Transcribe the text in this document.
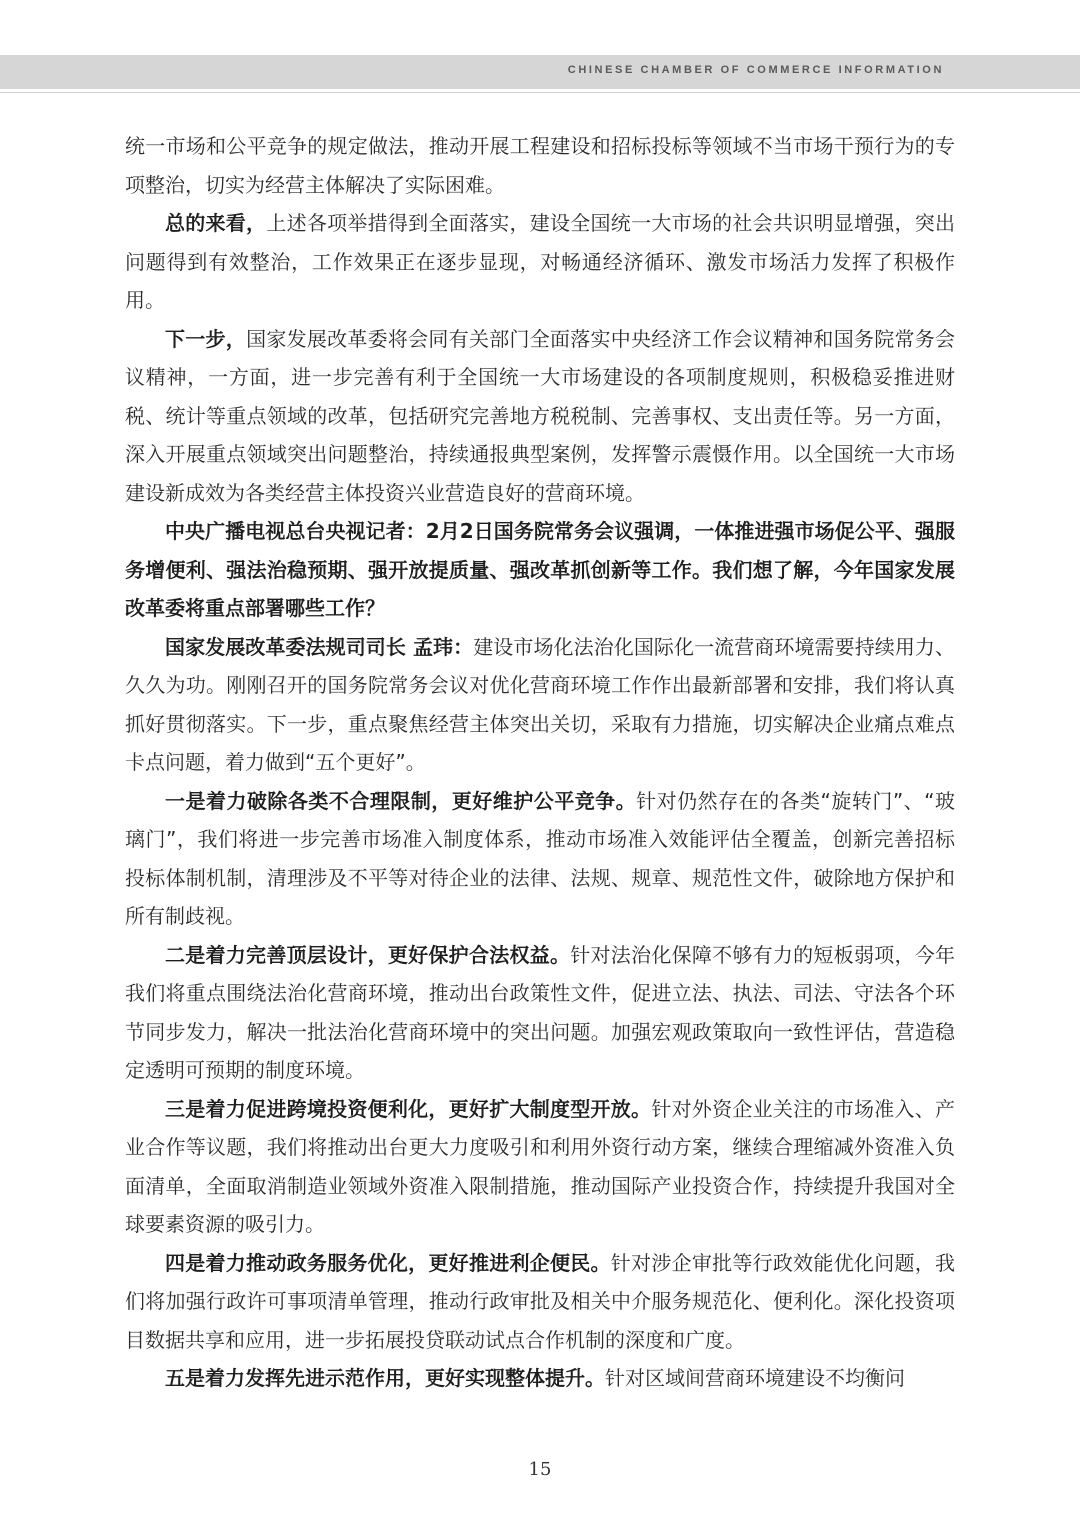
CHINESE CHAMBER OF COMMERCE INFORMATION

统一市场和公平竞争的规定做法，推动开展工程建设和招标投标等领域不当市场干预行为的专项整治，切实为经营主体解决了实际困难。

总的来看，上述各项举措得到全面落实，建设全国统一大市场的社会共识明显增强，突出问题得到有效整治，工作效果正在逐步显现，对畅通经济循环、激发市场活力发挥了积极作用。

下一步，国家发展改革委将会同有关部门全面落实中央经济工作会议精神和国务院常务会议精神，一方面，进一步完善有利于全国统一大市场建设的各项制度规则，积极稳妥推进财税、统计等重点领域的改革，包括研究完善地方税税制、完善事权、支出责任等。另一方面，深入开展重点领域突出问题整治，持续通报典型案例，发挥警示震慑作用。以全国统一大市场建设新成效为各类经营主体投资兴业营造良好的营商环境。

中央广播电视总台央视记者：2月2日国务院常务会议强调，一体推进强市场促公平、强服务增便利、强法治稳预期、强开放提质量、强改革抓创新等工作。我们想了解，今年国家发展改革委将重点部署哪些工作？

国家发展改革委法规司司长 孟玮：建设市场化法治化国际化一流营商环境需要持续用力、久久为功。刚刚召开的国务院常务会议对优化营商环境工作作出最新部署和安排，我们将认真抓好贯彻落实。下一步，重点聚焦经营主体突出关切，采取有力措施，切实解决企业痛点难点卡点问题，着力做到“五个更好”。

一是着力破除各类不合理限制，更好维护公平竞争。针对仍然存在的各类“旋转门”、“玻璃门”，我们将进一步完善市场准入制度体系，推动市场准入效能评估全覆盖，创新完善招标投标体制机制，清理涉及不平等对待企业的法律、法规、规章、规范性文件，破除地方保护和所有制歧视。

二是着力完善顶层设计，更好保护合法权益。针对法治化保障不够有力的短板弱项，今年我们将重点围绕法治化营商环境，推动出台政策性文件，促进立法、执法、司法、守法各个环节同步发力，解决一批法治化营商环境中的突出问题。加强宏观政策取向一致性评估，营造稳定透明可预期的制度环境。

三是着力促进跨境投资便利化，更好扩大制度型开放。针对外资企业关注的市场准入、产业合作等议题，我们将推动出台更大力度吸引和利用外资行动方案，继续合理缩减外资准入负面清单，全面取消制造业领域外资准入限制措施，推动国际产业投资合作，持续提升我国对全球要素资源的吸引力。

四是着力推动政务服务优化，更好推进利企便民。针对涉企审批等行政效能优化问题，我们将加强行政许可事项清单管理，推动行政审批及相关中介服务规范化、便利化。深化投资项目数据共享和应用，进一步拓展投贷联动试点合作机制的深度和广度。

五是着力发挥先进示范作用，更好实现整体提升。针对区域间营商环境建设不均衡问

15
